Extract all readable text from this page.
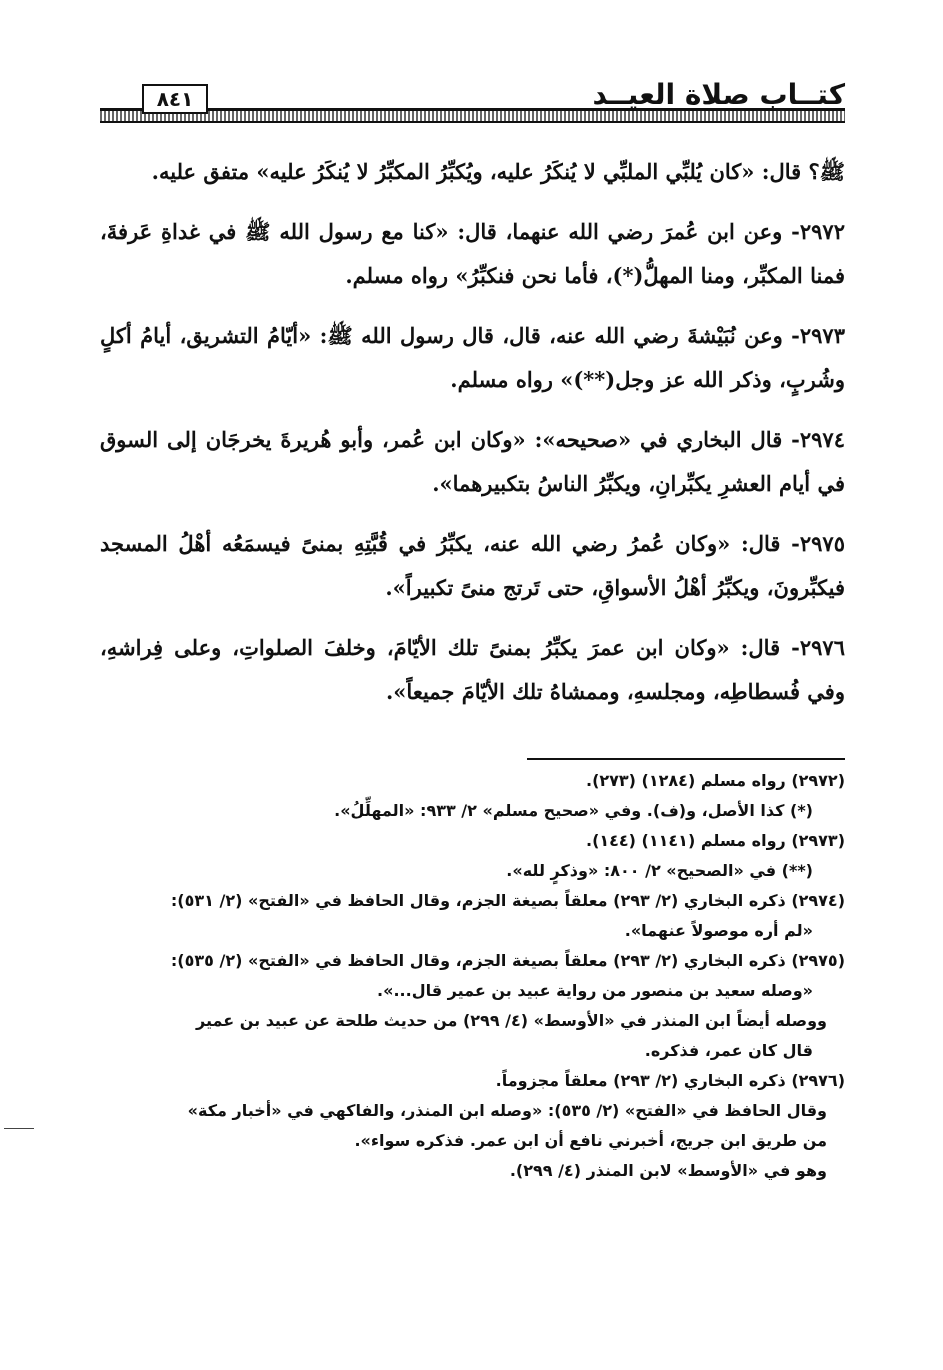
٨٤١	كتــاب صلاة العيــد

ﷺ؟ قال: «كان يُلبِّي الملبِّي لا يُنكَرُ عليه، ويُكبِّرُ المكبِّرُ لا يُنكَرُ عليه» متفق عليه.

٢٩٧٢- وعن ابن عُمرَ رضي الله عنهما، قال: «كنا مع رسول الله ﷺ في غداةِ عَرفةَ، فمنا المكبِّر، ومنا المهلُّ(*)، فأما نحن فنكبِّرُ» رواه مسلم.

٢٩٧٣- وعن نُبَيْشةَ رضي الله عنه، قال، قال رسول الله ﷺ: «أيّامُ التشريق، أيامُ أكلٍ وشُربٍ، وذكر الله عز وجل(**)» رواه مسلم.

٢٩٧٤- قال البخاري في «صحيحه»: «وكان ابن عُمر، وأبو هُريرةَ يخرجَان إلى السوق في أيام العشرِ يكبِّرانِ، ويكبِّرُ الناسُ بتكبيرهما».

٢٩٧٥- قال: «وكان عُمرُ رضي الله عنه، يكبِّرُ في قُبَّتِهِ بمنىً فيسمَعُه أهْلُ المسجد فيكبِّرونَ، ويكبِّرُ أهْلُ الأسواقِ، حتى تَرتج منىً تكبيراً».

٢٩٧٦- قال: «وكان ابن عمرَ يكبِّرُ بمنىً تلك الأيّامَ، وخلفَ الصلواتِ، وعلى فِراشهِ، وفي فُسطاطِه، ومجلسهِ، وممشاهُ تلك الأيّامَ جميعاً».

(٢٩٧٢) رواه مسلم (١٢٨٤) (٢٧٣).

(*) كذا الأصل، و(ف). وفي «صحيح مسلم» ٢/ ٩٣٣: «المهلِّلُ».

(٢٩٧٣) رواه مسلم (١١٤١) (١٤٤).

(**) في «الصحيح» ٢/ ٨٠٠: «وذكرٍ لله».

(٢٩٧٤) ذكره البخاري (٢/ ٢٩٣) معلقاً بصيغة الجزم، وقال الحافظ في «الفتح» (٢/ ٥٣١):

«لم أره موصولاً عنهما».

(٢٩٧٥) ذكره البخاري (٢/ ٢٩٣) معلقاً بصيغة الجزم، وقال الحافظ في «الفتح» (٢/ ٥٣٥):

«وصله سعيد بن منصور من رواية عبيد بن عمير قال...».

ووصله أيضاً ابن المنذر في «الأوسط» (٤/ ٢٩٩) من حديث طلحة عن عبيد بن عمير

قال كان عمر، فذكره.

(٢٩٧٦) ذكره البخاري (٢/ ٢٩٣) معلقاً مجزوماً.

وقال الحافظ في «الفتح» (٢/ ٥٣٥): «وصله ابن المنذر، والفاكهي في «أخبار مكة»

من طريق ابن جريج، أخبرني نافع أن ابن عمر. فذكره سواء».

وهو في «الأوسط» لابن المنذر (٤/ ٢٩٩).
